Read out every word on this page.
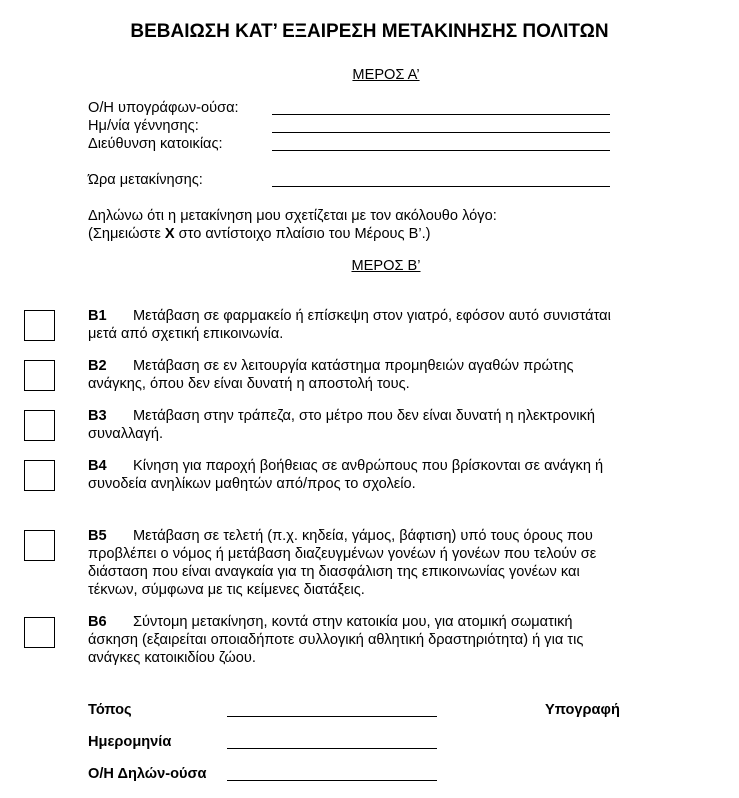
ΒΕΒΑΙΩΣΗ ΚΑΤ’ ΕΞΑΙΡΕΣΗ ΜΕΤΑΚΙΝΗΣΗΣ ΠΟΛΙΤΩΝ
ΜΕΡΟΣ Α’
Ο/Η υπογράφων-ούσα:
Ημ/νία γέννησης:
Διεύθυνση κατοικίας:
Ώρα μετακίνησης:
Δηλώνω ότι η μετακίνηση μου σχετίζεται με τον ακόλουθο λόγο:
(Σημειώστε X στο αντίστοιχο πλαίσιο του Μέρους Β’.)
ΜΕΡΟΣ Β’
B1 Μετάβαση σε φαρμακείο ή επίσκεψη στον γιατρό, εφόσον αυτό συνιστάται
μετά από σχετική επικοινωνία.
B2 Μετάβαση σε εν λειτουργία κατάστημα προμηθειών αγαθών πρώτης
ανάγκης, όπου δεν είναι δυνατή η αποστολή τους.
B3 Μετάβαση στην τράπεζα, στο μέτρο που δεν είναι δυνατή η ηλεκτρονική
συναλλαγή.
B4 Κίνηση για παροχή βοήθειας σε ανθρώπους που βρίσκονται σε ανάγκη ή
συνοδεία ανηλίκων μαθητών από/προς το σχολείο.
B5 Μετάβαση σε τελετή (π.χ. κηδεία, γάμος, βάφτιση) υπό τους όρους που
προβλέπει ο νόμος ή μετάβαση διαζευγμένων γονέων ή γονέων που τελούν σε
διάσταση που είναι αναγκαία για τη διασφάλιση της επικοινωνίας γονέων και
τέκνων, σύμφωνα με τις κείμενες διατάξεις.
B6 Σύντομη μετακίνηση, κοντά στην κατοικία μου, για ατομική σωματική
άσκηση (εξαιρείται οποιαδήποτε συλλογική αθλητική δραστηριότητα) ή για τις
ανάγκες κατοικιδίου ζώου.
Τόπος	Υπογραφή
Ημερομηνία
Ο/Η Δηλών-ούσα
